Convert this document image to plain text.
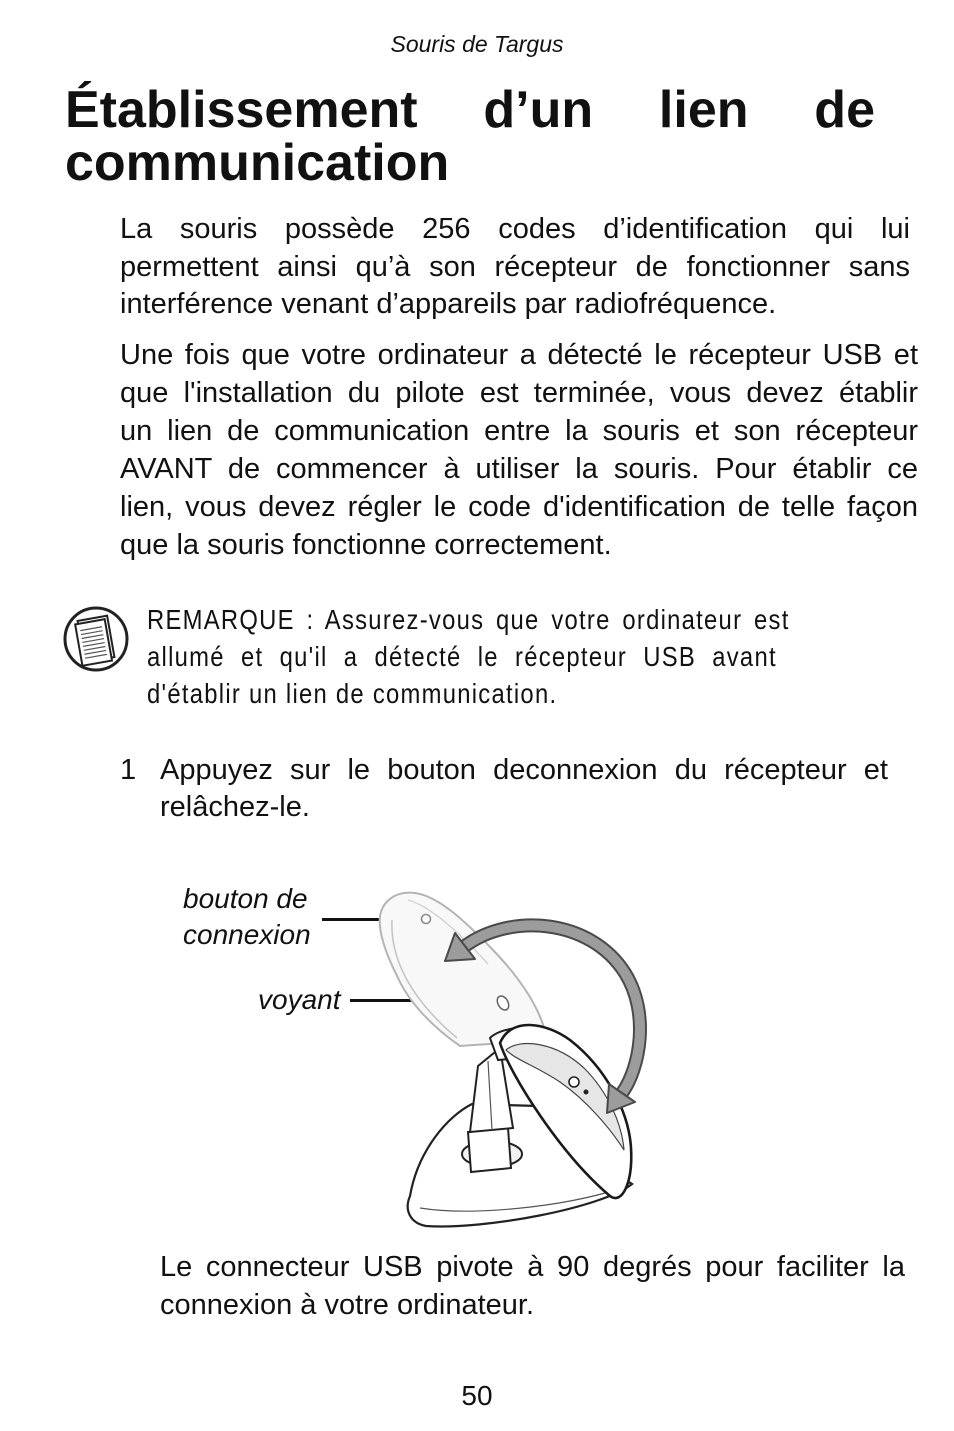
Souris de Targus
Établissement d’un lien de communication
La souris possède 256 codes d’identification qui lui
permettent ainsi qu’à son récepteur de fonctionner sans
interférence venant d’appareils par radiofréquence.
Une fois que votre ordinateur a détecté le récepteur USB et
que l'installation du pilote est terminée, vous devez établir
un lien de communication entre la souris et son récepteur
AVANT de commencer à utiliser la souris. Pour établir ce
lien, vous devez régler le code d'identification de telle façon
que la souris fonctionne correctement.
REMARQUE : Assurez-vous que votre ordinateur est
allumé et qu'il a détecté le récepteur USB avant
d'établir un lien de communication.
1 Appuyez sur le bouton deconnexion du récepteur et
relâchez-le.
bouton de
connexion
voyant
Le connecteur USB pivote à 90 degrés pour faciliter la
connexion à votre ordinateur.
50
